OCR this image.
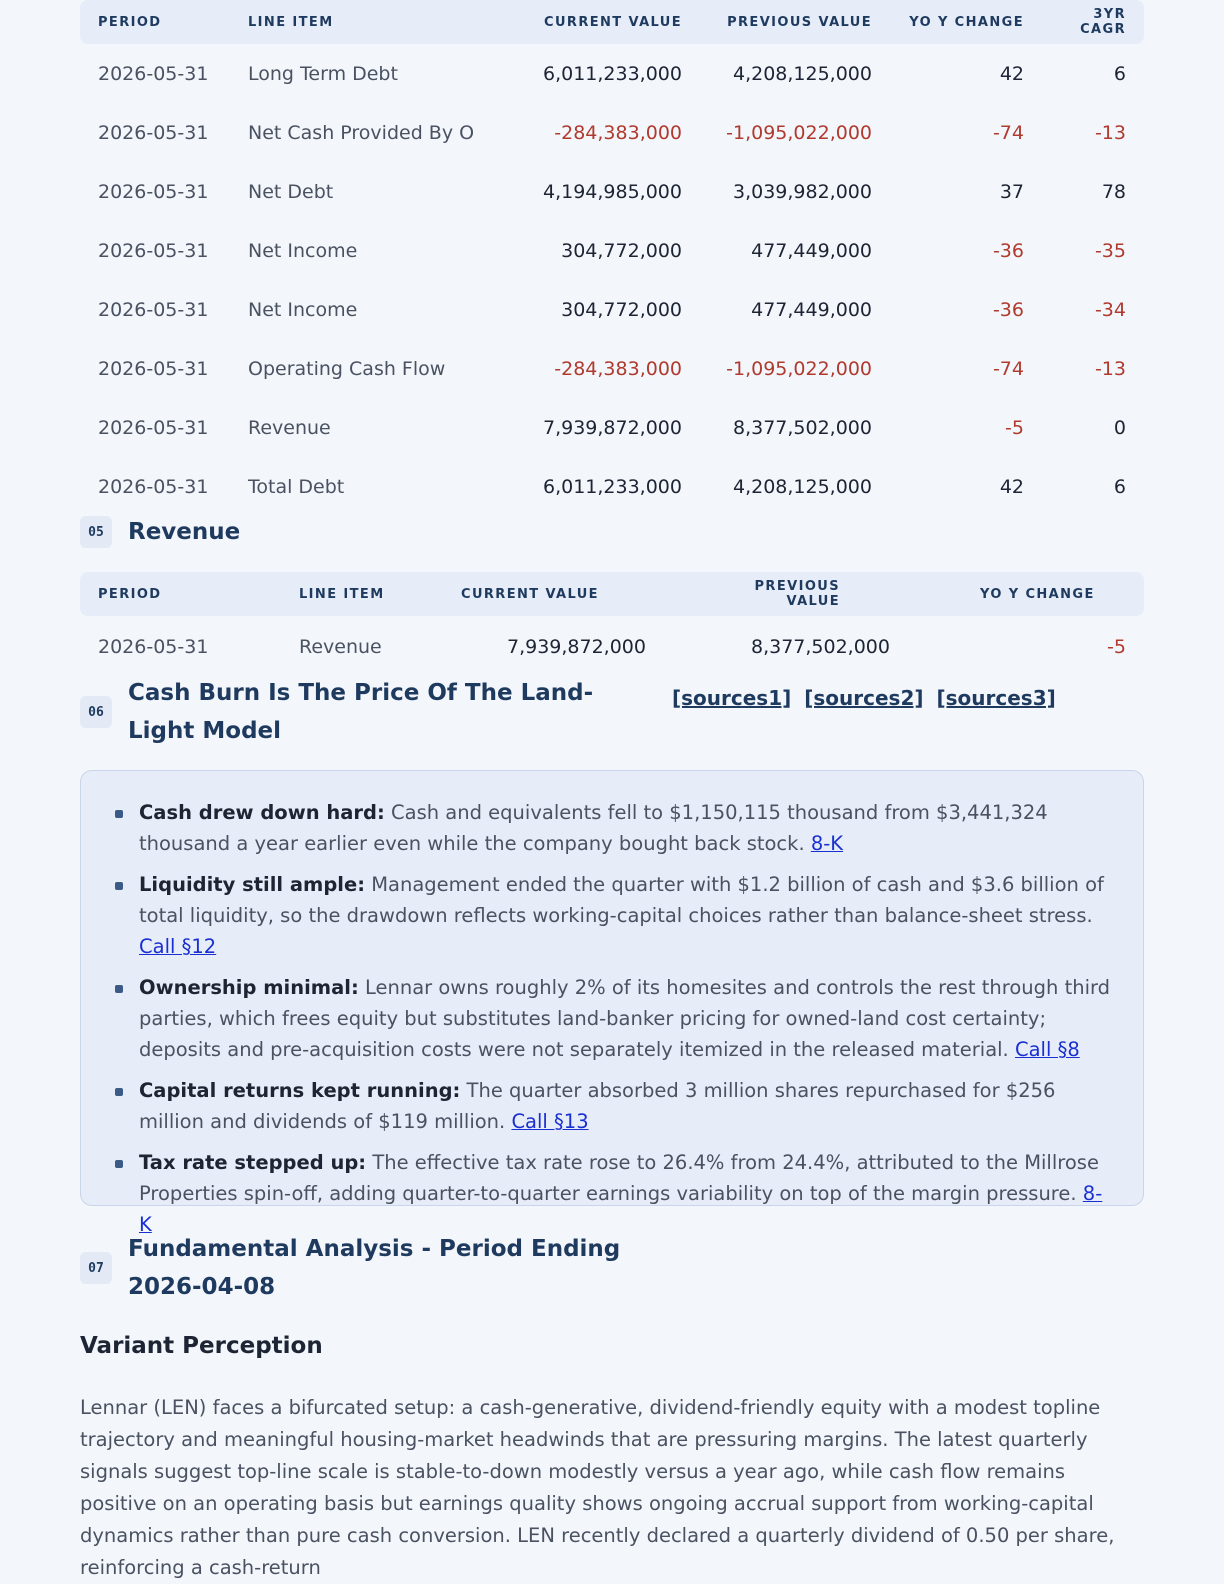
PERIOD	LINE ITEM	CURRENT VALUE	PREVIOUS VALUE	YO Y CHANGE	3YR CAGR
2026-05-31	Long Term Debt	6,011,233,000	4,208,125,000	42	6
2026-05-31	Net Cash Provided By O	-284,383,000	-1,095,022,000	-74	-13
2026-05-31	Net Debt	4,194,985,000	3,039,982,000	37	78
2026-05-31	Net Income	304,772,000	477,449,000	-36	-35
2026-05-31	Net Income	304,772,000	477,449,000	-36	-34
2026-05-31	Operating Cash Flow	-284,383,000	-1,095,022,000	-74	-13
2026-05-31	Revenue	7,939,872,000	8,377,502,000	-5	0
2026-05-31	Total Debt	6,011,233,000	4,208,125,000	42	6
05	Revenue
PERIOD	LINE ITEM	CURRENT VALUE	PREVIOUS VALUE	YO Y CHANGE
2026-05-31	Revenue	7,939,872,000	8,377,502,000	-5
06
Cash Burn Is The Price Of The Land-Light Model
[sources1] [sources2] [sources3]
Cash drew down hard: Cash and equivalents fell to $1,150,115 thousand from $3,441,324 thousand a year earlier even while the company bought back stock. 8-K
Liquidity still ample: Management ended the quarter with $1.2 billion of cash and $3.6 billion of total liquidity, so the drawdown reflects working-capital choices rather than balance-sheet stress. Call §12
Ownership minimal: Lennar owns roughly 2% of its homesites and controls the rest through third parties, which frees equity but substitutes land-banker pricing for owned-land cost certainty; deposits and pre-acquisition costs were not separately itemized in the released material. Call §8
Capital returns kept running: The quarter absorbed 3 million shares repurchased for $256 million and dividends of $119 million. Call §13
Tax rate stepped up: The effective tax rate rose to 26.4% from 24.4%, attributed to the Millrose Properties spin-off, adding quarter-to-quarter earnings variability on top of the margin pressure. 8-K
07
Fundamental Analysis - Period Ending 2026-04-08
Variant Perception

Lennar (LEN) faces a bifurcated setup: a cash-generative, dividend-friendly equity with a modest topline trajectory and meaningful housing-market headwinds that are pressuring margins. The latest quarterly signals suggest top-line scale is stable-to-down modestly versus a year ago, while cash flow remains positive on an operating basis but earnings quality shows ongoing accrual support from working-capital dynamics rather than pure cash conversion. LEN recently declared a quarterly dividend of 0.50 per share, reinforcing a cash-return
